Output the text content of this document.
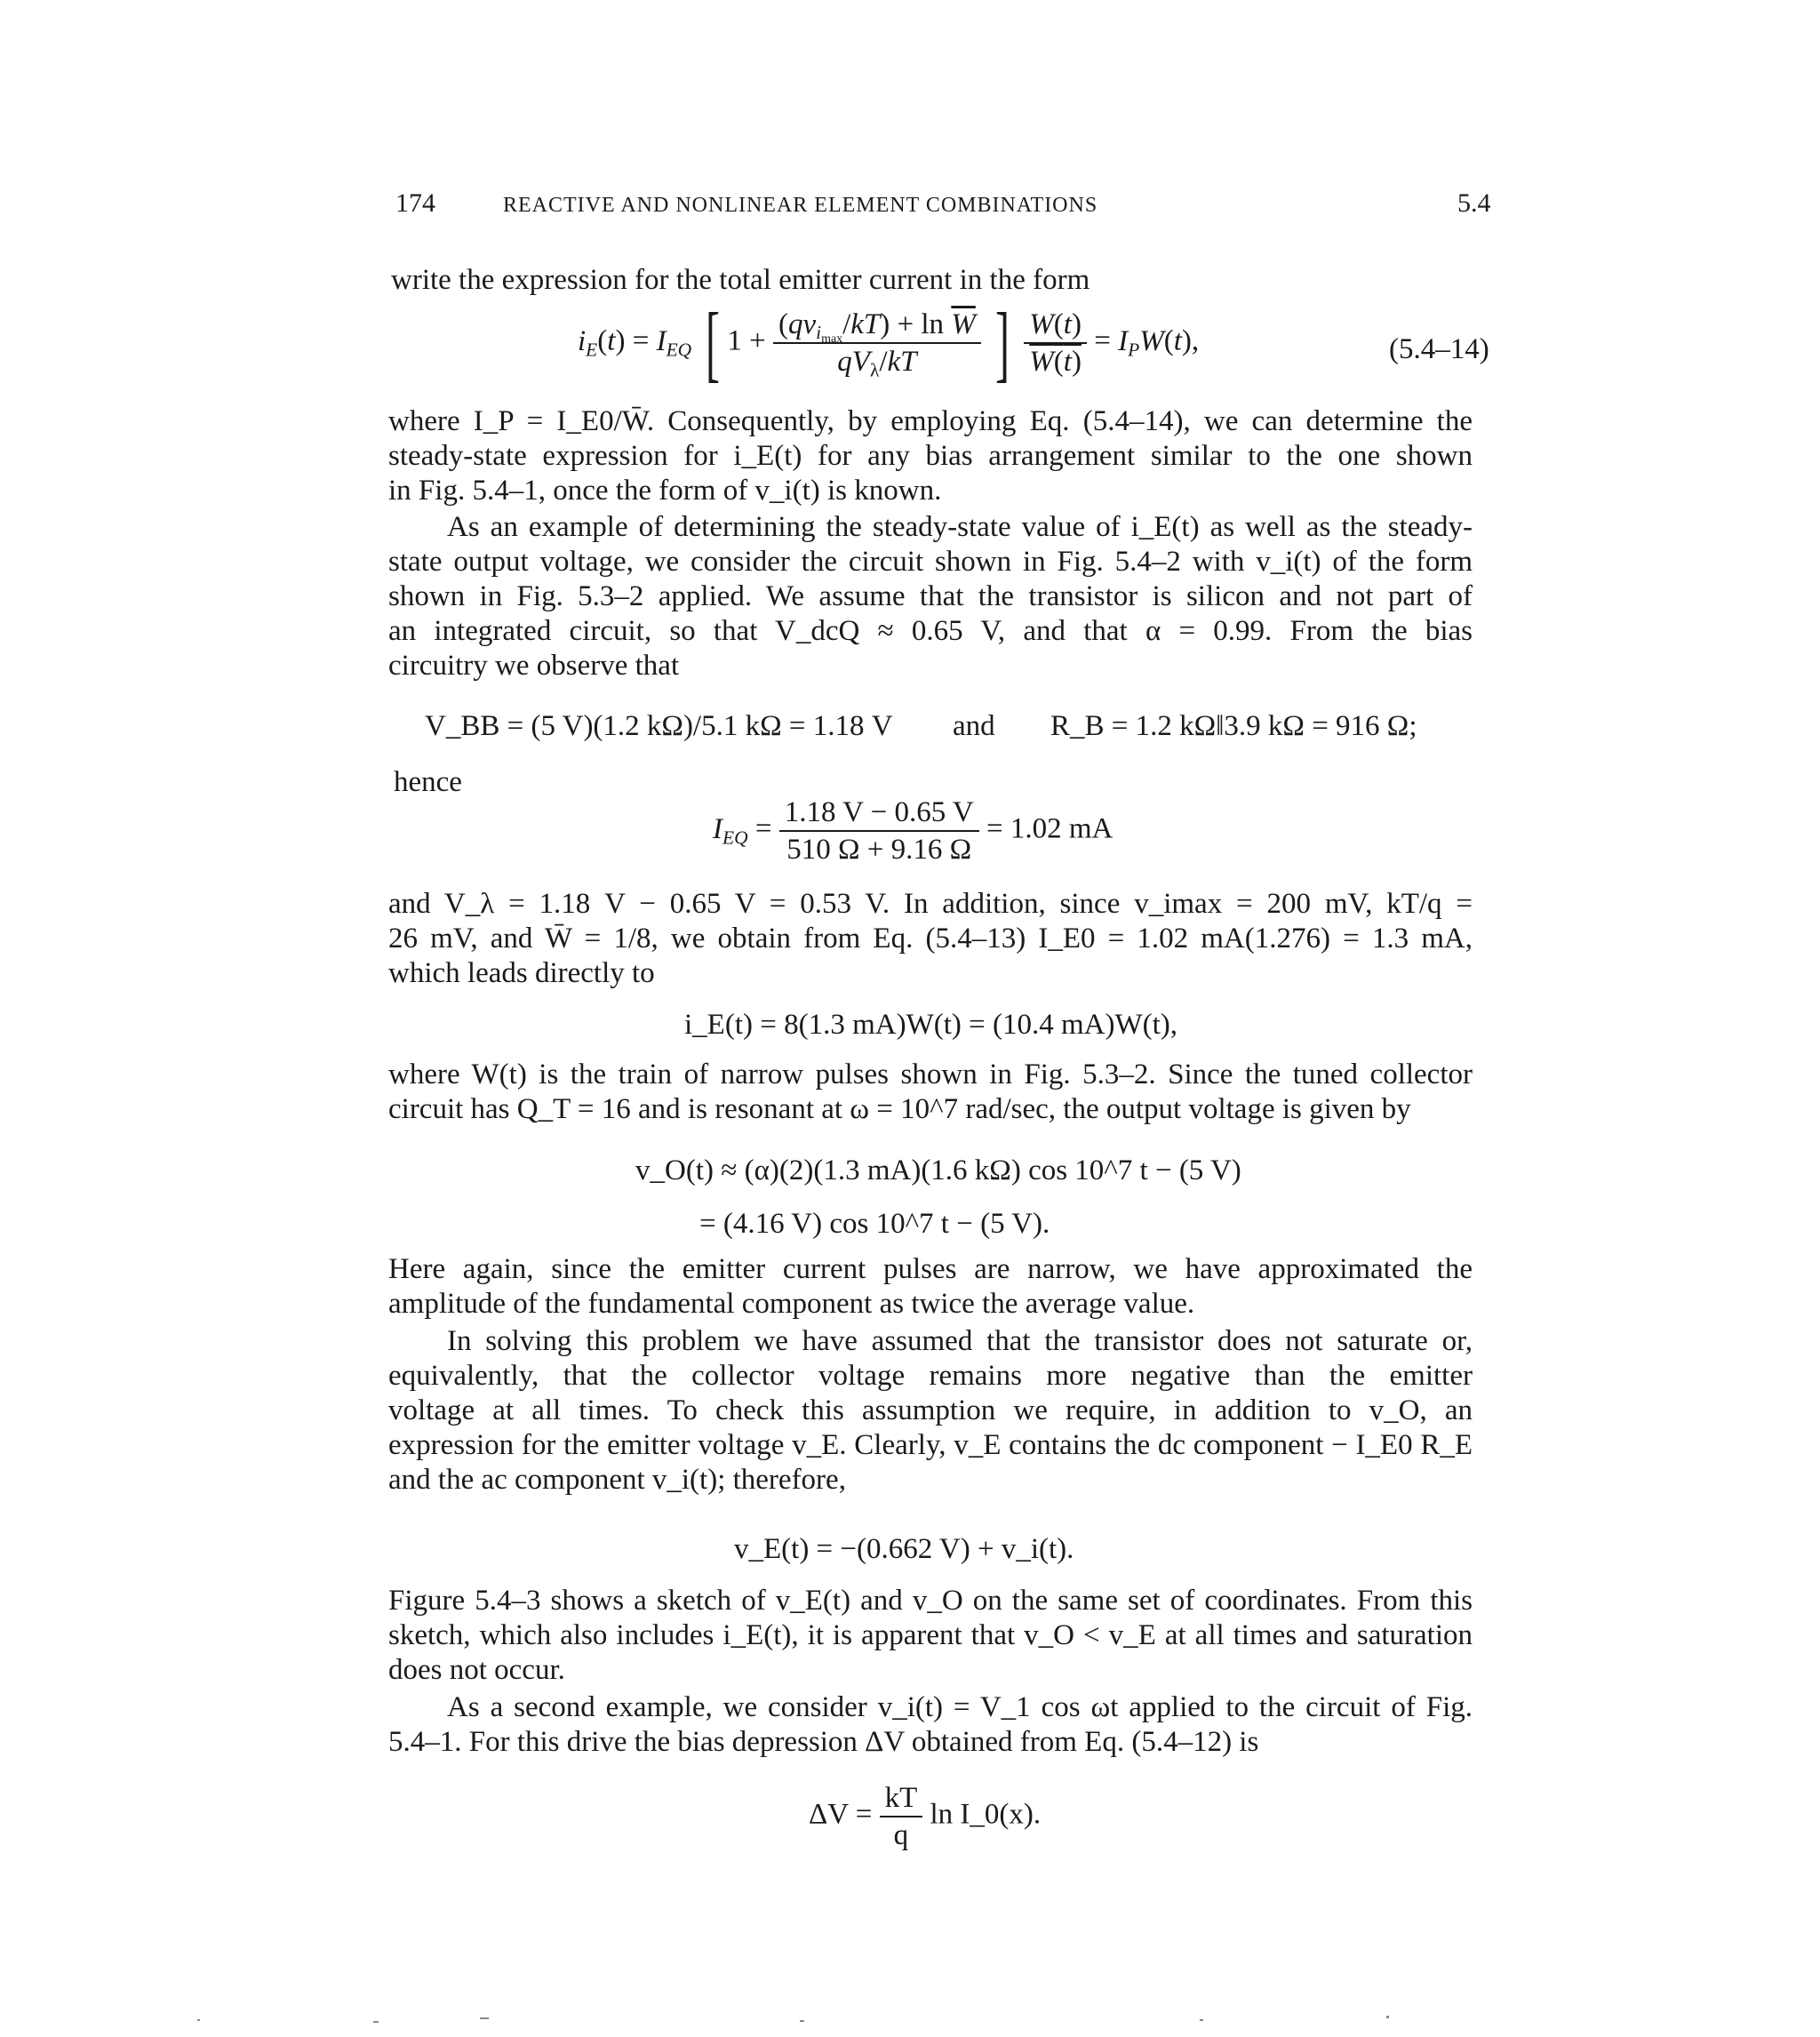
174	REACTIVE AND NONLINEAR ELEMENT COMBINATIONS	5.4
write the expression for the total emitter current in the form
$i_E(t) = I_{EQ}$ [ $1 + \frac{(qv_{i_{max}}/kT) + \ln \overline{W}}{qV_\lambda/kT}$ ] $\frac{W(t)}{W(t)} = I_PW(t)$,	(5.4–14)
where I_P = I_E0/W̄. Consequently, by employing Eq. (5.4–14), we can determine the
steady-state expression for i_E(t) for any bias arrangement similar to the one shown
in Fig. 5.4–1, once the form of v_i(t) is known.
As an example of determining the steady-state value of i_E(t) as well as the steady-
state output voltage, we consider the circuit shown in Fig. 5.4–2 with v_i(t) of the form
shown in Fig. 5.3–2 applied. We assume that the transistor is silicon and not part of
an integrated circuit, so that V_dcQ ≈ 0.65 V, and that α = 0.99. From the bias
circuitry we observe that
V_BB = (5 V)(1.2 kΩ)/5.1 kΩ = 1.18 V and R_B = 1.2 kΩ‖3.9 kΩ = 916 Ω;
hence
$I_{EQ} = \frac{1.18 V - 0.65 V}{510 \Omega + 9.16 \Omega} = 1.02$ mA
and V_λ = 1.18 V − 0.65 V = 0.53 V. In addition, since v_imax = 200 mV, kT/q =
26 mV, and W̄ = 1/8, we obtain from Eq. (5.4–13) I_E0 = 1.02 mA(1.276) = 1.3 mA,
which leads directly to
i_E(t) = 8(1.3 mA)W(t) = (10.4 mA)W(t),
where W(t) is the train of narrow pulses shown in Fig. 5.3–2. Since the tuned collector
circuit has Q_T = 16 and is resonant at ω = 10^7 rad/sec, the output voltage is given by
v_O(t) ≈ (α)(2)(1.3 mA)(1.6 kΩ) cos 10^7 t − (5 V)
= (4.16 V) cos 10^7 t − (5 V).
Here again, since the emitter current pulses are narrow, we have approximated the
amplitude of the fundamental component as twice the average value.
In solving this problem we have assumed that the transistor does not saturate or,
equivalently, that the collector voltage remains more negative than the emitter
voltage at all times. To check this assumption we require, in addition to v_O, an
expression for the emitter voltage v_E. Clearly, v_E contains the dc component − I_E0 R_E
and the ac component v_i(t); therefore,
v_E(t) = −(0.662 V) + v_i(t).
Figure 5.4–3 shows a sketch of v_E(t) and v_O on the same set of coordinates. From this
sketch, which also includes i_E(t), it is apparent that v_O < v_E at all times and saturation
does not occur.
As a second example, we consider v_i(t) = V_1 cos ωt applied to the circuit of Fig.
5.4–1. For this drive the bias depression ΔV obtained from Eq. (5.4–12) is
$\Delta V = \frac{kT}{q}$ ln I_0(x).
